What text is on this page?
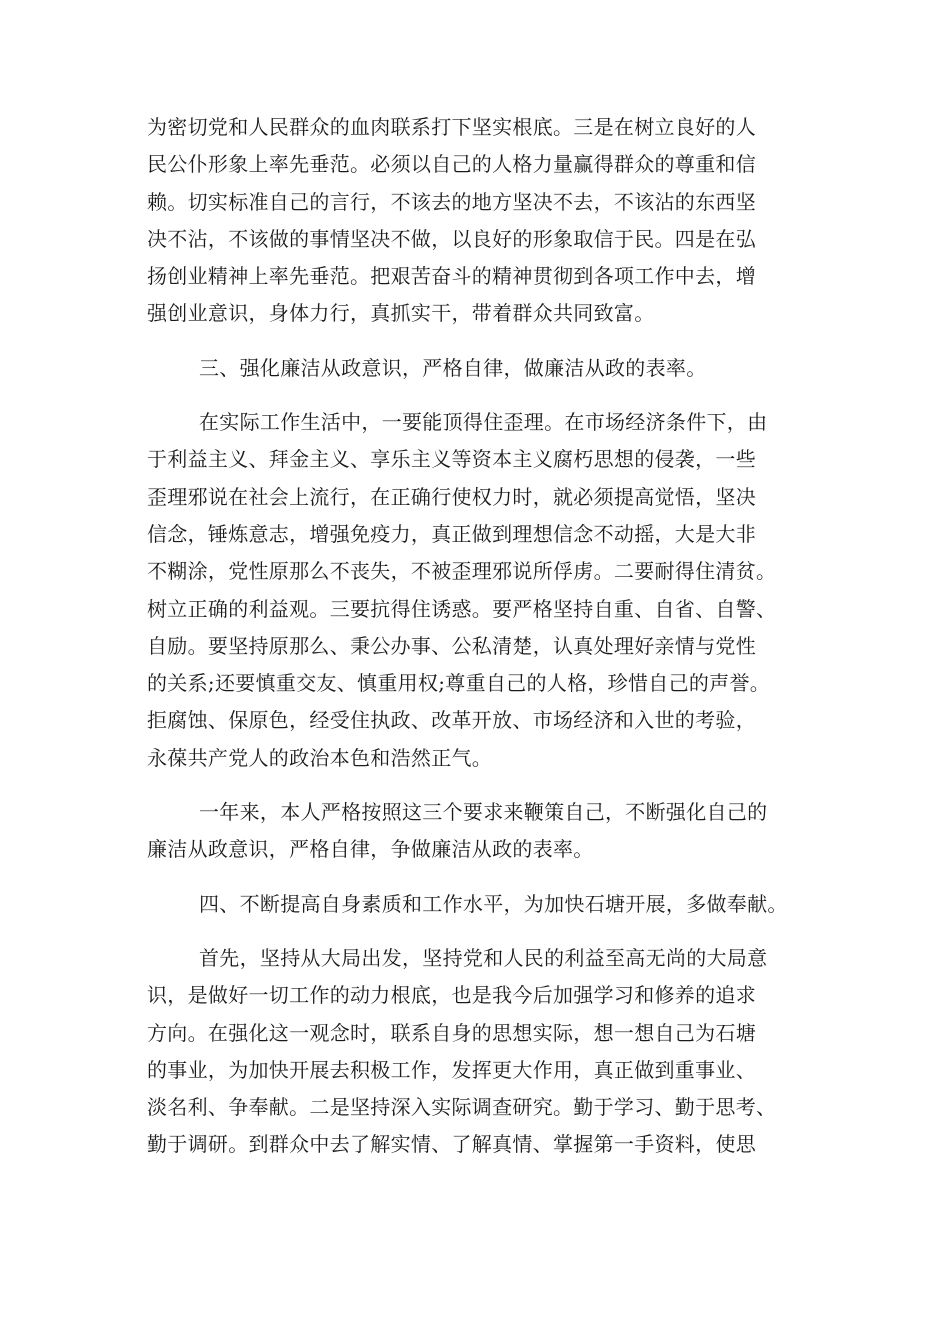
为密切党和人民群众的血肉联系打下坚实根底。三是在树立良好的人
民公仆形象上率先垂范。必须以自己的人格力量赢得群众的尊重和信
赖。切实标准自己的言行，不该去的地方坚决不去，不该沾的东西坚
决不沾，不该做的事情坚决不做，以良好的形象取信于民。四是在弘
扬创业精神上率先垂范。把艰苦奋斗的精神贯彻到各项工作中去，增
强创业意识，身体力行，真抓实干，带着群众共同致富。
三、强化廉洁从政意识，严格自律，做廉洁从政的表率。
在实际工作生活中，一要能顶得住歪理。在市场经济条件下，由
于利益主义、拜金主义、享乐主义等资本主义腐朽思想的侵袭，一些
歪理邪说在社会上流行，在正确行使权力时，就必须提高觉悟，坚决
信念，锤炼意志，增强免疫力，真正做到理想信念不动摇，大是大非
不糊涂，党性原那么不丧失，不被歪理邪说所俘虏。二要耐得住清贫。
树立正确的利益观。三要抗得住诱惑。要严格坚持自重、自省、自警、
自励。要坚持原那么、秉公办事、公私清楚，认真处理好亲情与党性
的关系;还要慎重交友、慎重用权;尊重自己的人格，珍惜自己的声誉。
拒腐蚀、保原色，经受住执政、改革开放、市场经济和入世的考验，
永葆共产党人的政治本色和浩然正气。
一年来，本人严格按照这三个要求来鞭策自己，不断强化自己的
廉洁从政意识，严格自律，争做廉洁从政的表率。
四、不断提高自身素质和工作水平，为加快石塘开展，多做奉献。
首先，坚持从大局出发，坚持党和人民的利益至高无尚的大局意
识，是做好一切工作的动力根底，也是我今后加强学习和修养的追求
方向。在强化这一观念时，联系自身的思想实际，想一想自己为石塘
的事业，为加快开展去积极工作，发挥更大作用，真正做到重事业、
淡名利、争奉献。二是坚持深入实际调查研究。勤于学习、勤于思考、
勤于调研。到群众中去了解实情、了解真情、掌握第一手资料，使思
